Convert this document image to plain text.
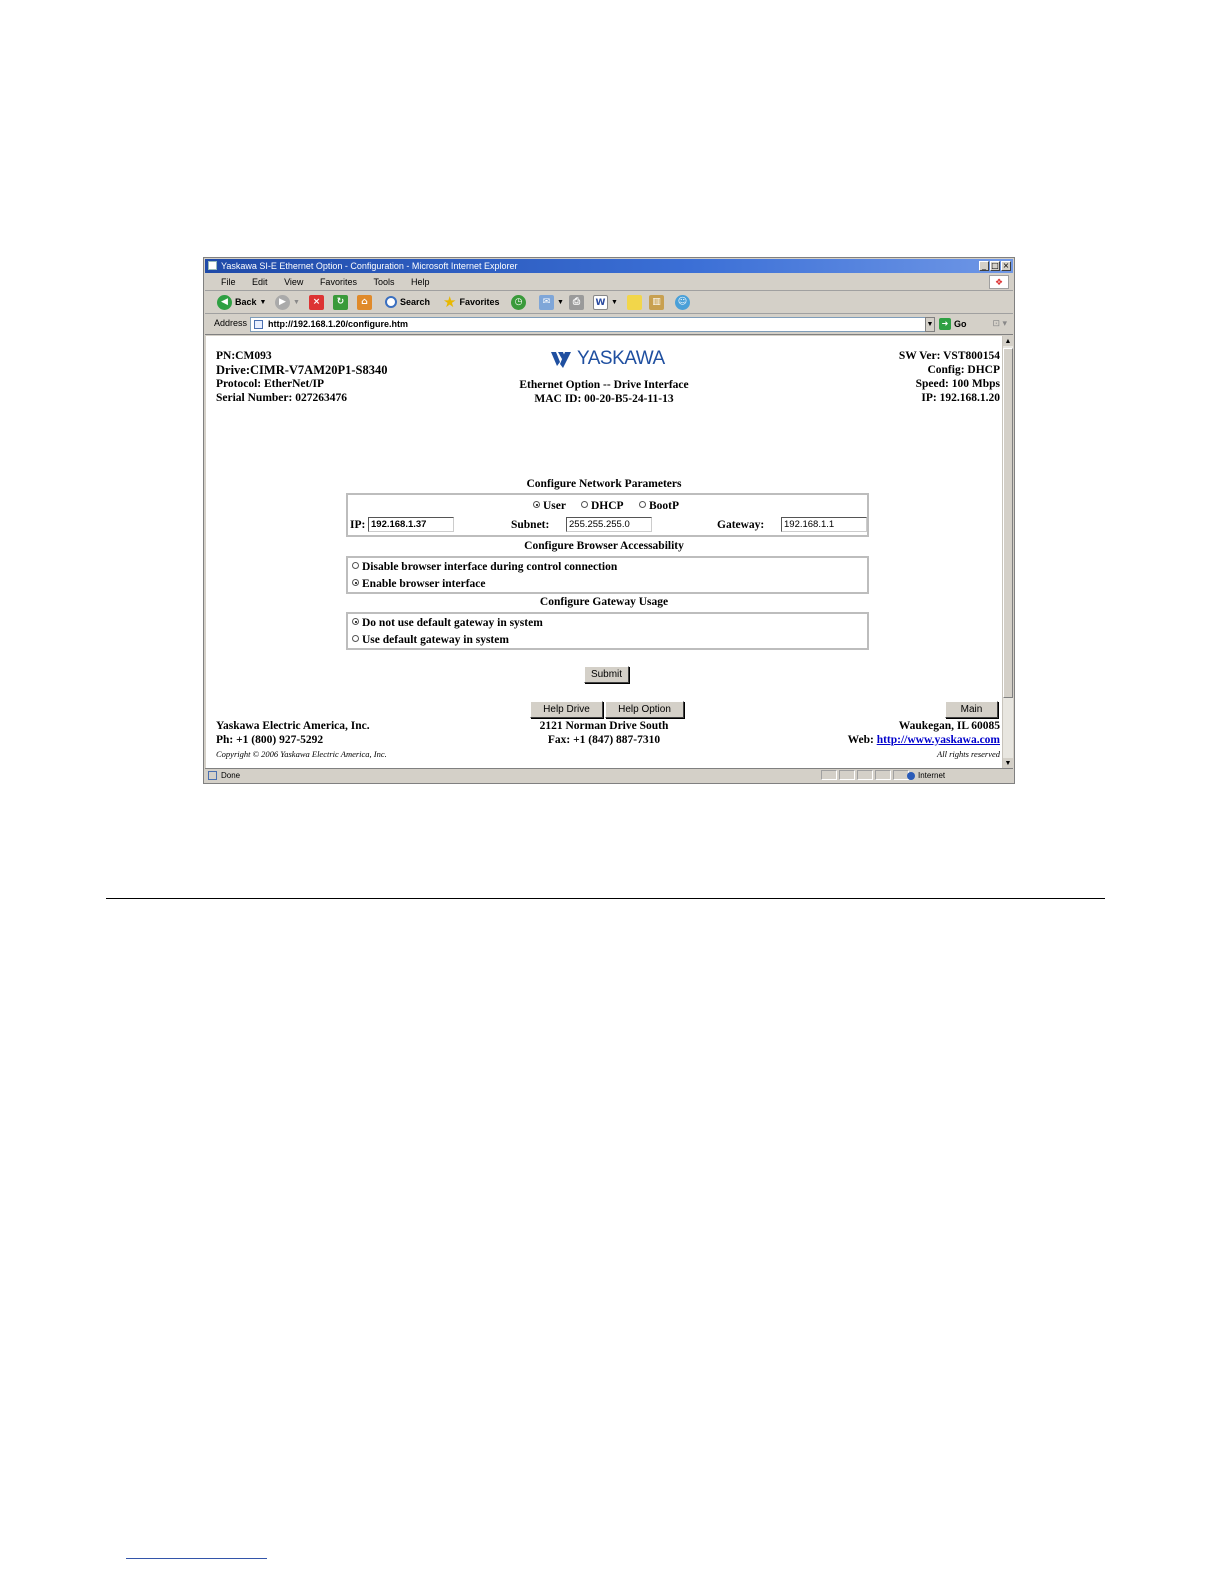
Yaskawa SI-E Ethernet Option - Configuration - Microsoft Internet Explorer	_ □ ×
File Edit View Favorites Tools Help	❖
◀ Back ▼	▶	▼	×	↻	⌂	Search ★ Favorites	◷	✉ ▼ ⎙	W ▼	▥	☺
Address	http://192.168.1.20/configure.htm	▼	➜ Go	⊡ ▾
PN:CM093
Drive:CIMR-V7AM20P1-S8340
Protocol: EtherNet/IP
Serial Number: 027263476
YASKAWA
Ethernet Option -- Drive Interface
MAC ID: 00-20-B5-24-11-13
SW Ver: VST800154
Config: DHCP
Speed: 100 Mbps
IP: 192.168.1.20
Configure Network Parameters
User	DHCP	BootP
IP: 192.168.1.37	Subnet:	255.255.255.0	Gateway:	192.168.1.1
Configure Browser Accessability
Disable browser interface during control connection
Enable browser interface
Configure Gateway Usage
Do not use default gateway in system
Use default gateway in system
Submit
Help Drive	Help Option	Main
Yaskawa Electric America, Inc.
Ph: +1 (800) 927-5292
Copyright © 2006 Yaskawa Electric America, Inc.
2121 Norman Drive South
Fax: +1 (847) 887-7310
Waukegan, IL 60085
Web: http://www.yaskawa.com
All rights reserved
▲
▼
Done	Internet
